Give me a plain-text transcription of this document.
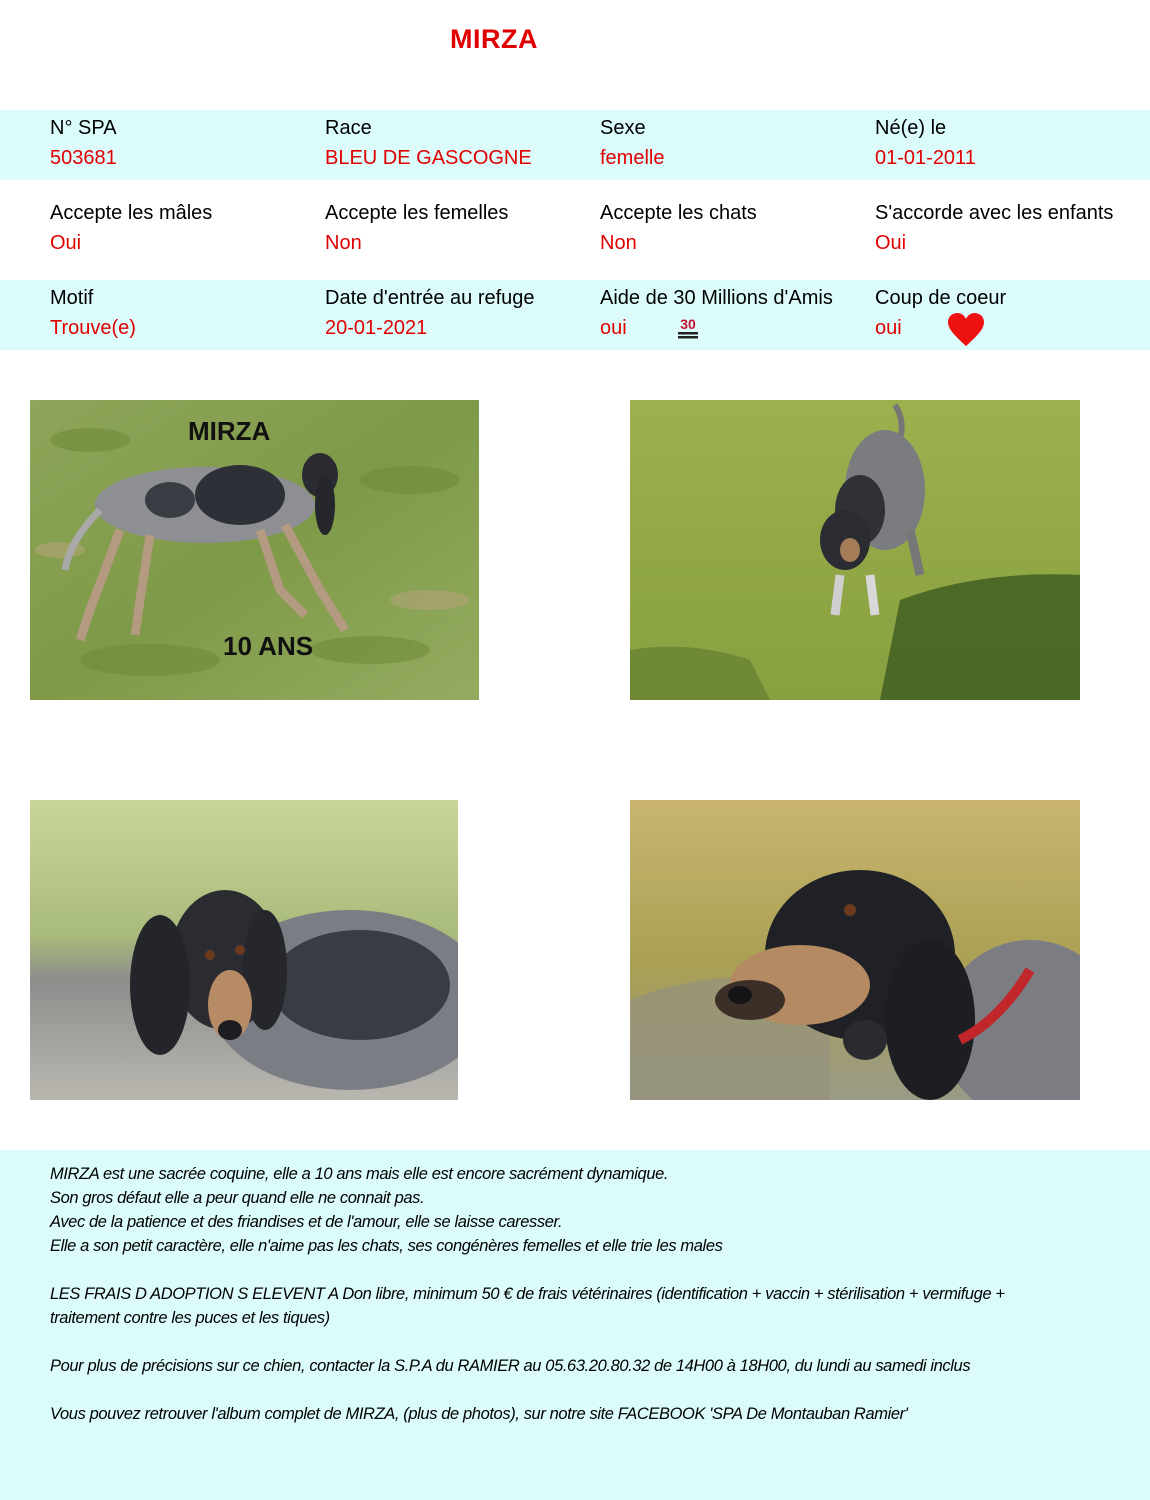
MIRZA
N° SPA
503681
Race
BLEU DE GASCOGNE
Sexe
femelle
Né(e) le
01-01-2011
Accepte les mâles
Oui
Accepte les femelles
Non
Accepte les chats
Non
S'accorde avec les enfants
Oui
Motif
Trouve(e)
Date d'entrée au refuge
20-01-2021
Aide de 30 Millions d'Amis
oui
Coup de coeur
oui
30
MIRZA
10 ANS

MIRZA est une sacrée coquine, elle a 10 ans mais elle est encore sacrément dynamique.

Son gros défaut elle a peur quand elle ne connait pas.

Avec de la patience et des friandises et de l'amour, elle se laisse caresser.

Elle a son petit caractère, elle n'aime pas les chats, ses congénères femelles et elle trie les males

LES FRAIS D ADOPTION S ELEVENT A Don libre, minimum 50 € de frais vétérinaires (identification + vaccin + stérilisation + vermifuge + traitement contre les puces et les tiques)

Pour plus de précisions sur ce chien, contacter la S.P.A du RAMIER au 05.63.20.80.32 de 14H00 à 18H00, du lundi au samedi inclus

Vous pouvez retrouver l'album complet de MIRZA, (plus de photos), sur notre site FACEBOOK 'SPA De Montauban Ramier'
